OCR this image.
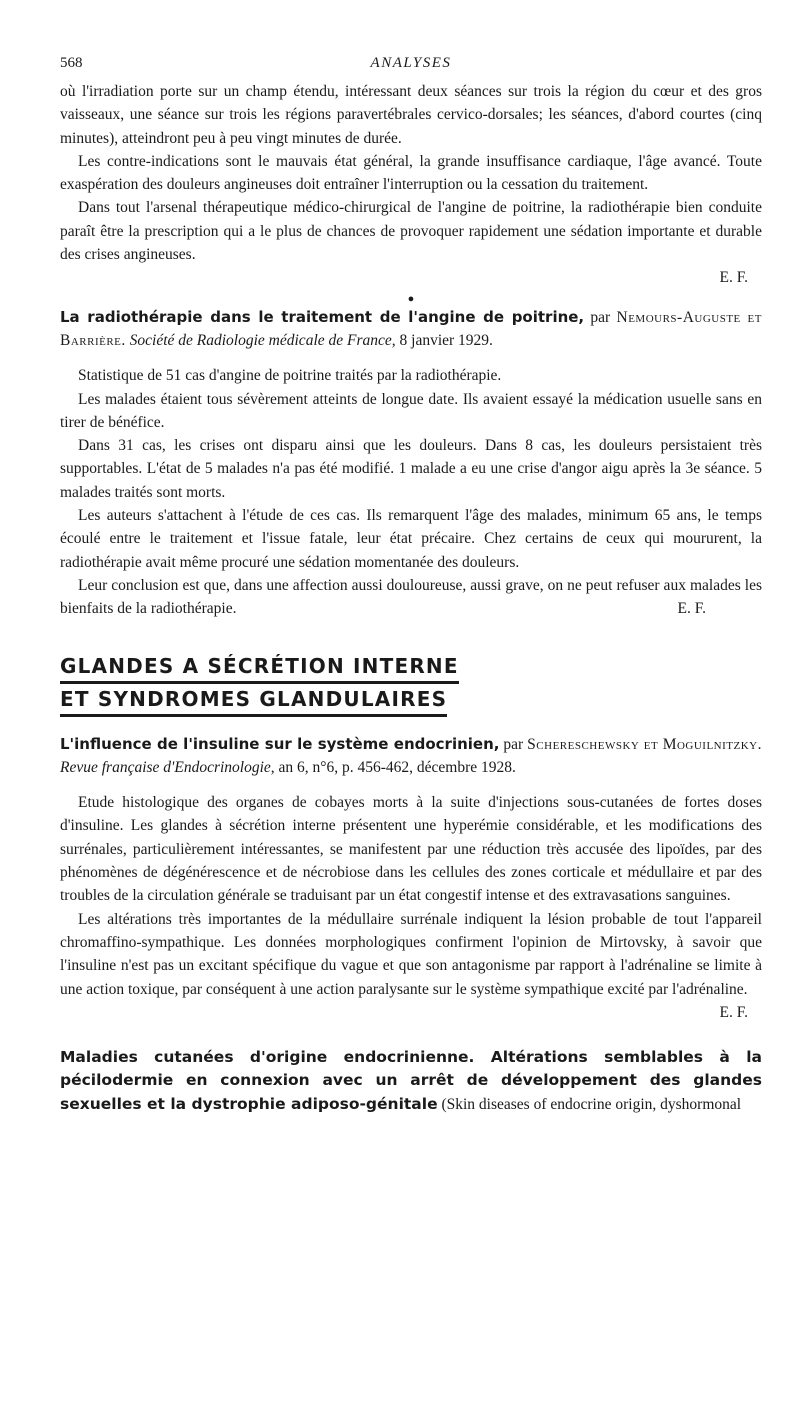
568	ANALYSES

où l'irradiation porte sur un champ étendu, intéressant deux séances sur trois la région du cœur et des gros vaisseaux, une séance sur trois les régions paravertébrales cervico-dorsales; les séances, d'abord courtes (cinq minutes), atteindront peu à peu vingt minutes de durée.

Les contre-indications sont le mauvais état général, la grande insuffisance cardiaque, l'âge avancé. Toute exaspération des douleurs angineuses doit entraîner l'interruption ou la cessation du traitement.

Dans tout l'arsenal thérapeutique médico-chirurgical de l'angine de poitrine, la radiothérapie bien conduite paraît être la prescription qui a le plus de chances de provoquer rapidement une sédation importante et durable des crises angineuses.

E. F.

●

La radiothérapie dans le traitement de l'angine de poitrine, par Nemours-Auguste et Barrière. Société de Radiologie médicale de France, 8 janvier 1929.

Statistique de 51 cas d'angine de poitrine traités par la radiothérapie.

Les malades étaient tous sévèrement atteints de longue date. Ils avaient essayé la médication usuelle sans en tirer de bénéfice.

Dans 31 cas, les crises ont disparu ainsi que les douleurs. Dans 8 cas, les douleurs persistaient très supportables. L'état de 5 malades n'a pas été modifié. 1 malade a eu une crise d'angor aigu après la 3e séance. 5 malades traités sont morts.

Les auteurs s'attachent à l'étude de ces cas. Ils remarquent l'âge des malades, minimum 65 ans, le temps écoulé entre le traitement et l'issue fatale, leur état précaire. Chez certains de ceux qui moururent, la radiothérapie avait même procuré une sédation momentanée des douleurs.

Leur conclusion est que, dans une affection aussi douloureuse, aussi grave, on ne peut refuser aux malades les bienfaits de la radiothérapie.	E. F.

GLANDES A SÉCRÉTION INTERNE
ET SYNDROMES GLANDULAIRES

L'influence de l'insuline sur le système endocrinien, par Schereschewsky et Moguilnitzky. Revue française d'Endocrinologie, an 6, n°6, p. 456-462, décembre 1928.

Etude histologique des organes de cobayes morts à la suite d'injections sous-cutanées de fortes doses d'insuline. Les glandes à sécrétion interne présentent une hyperémie considérable, et les modifications des surrénales, particulièrement intéressantes, se manifestent par une réduction très accusée des lipoïdes, par des phénomènes de dégénérescence et de nécrobiose dans les cellules des zones corticale et médullaire et par des troubles de la circulation générale se traduisant par un état congestif intense et des extravasations sanguines.

Les altérations très importantes de la médullaire surrénale indiquent la lésion probable de tout l'appareil chromaffino-sympathique. Les données morphologiques confirment l'opinion de Mirtovsky, à savoir que l'insuline n'est pas un excitant spécifique du vague et que son antagonisme par rapport à l'adrénaline se limite à une action toxique, par conséquent à une action paralysante sur le système sympathique excité par l'adrénaline.

E. F.

Maladies cutanées d'origine endocrinienne. Altérations semblables à la pécilodermie en connexion avec un arrêt de développement des glandes sexuelles et la dystrophie adiposo-génitale (Skin diseases of endocrine origin, dyshormonal
